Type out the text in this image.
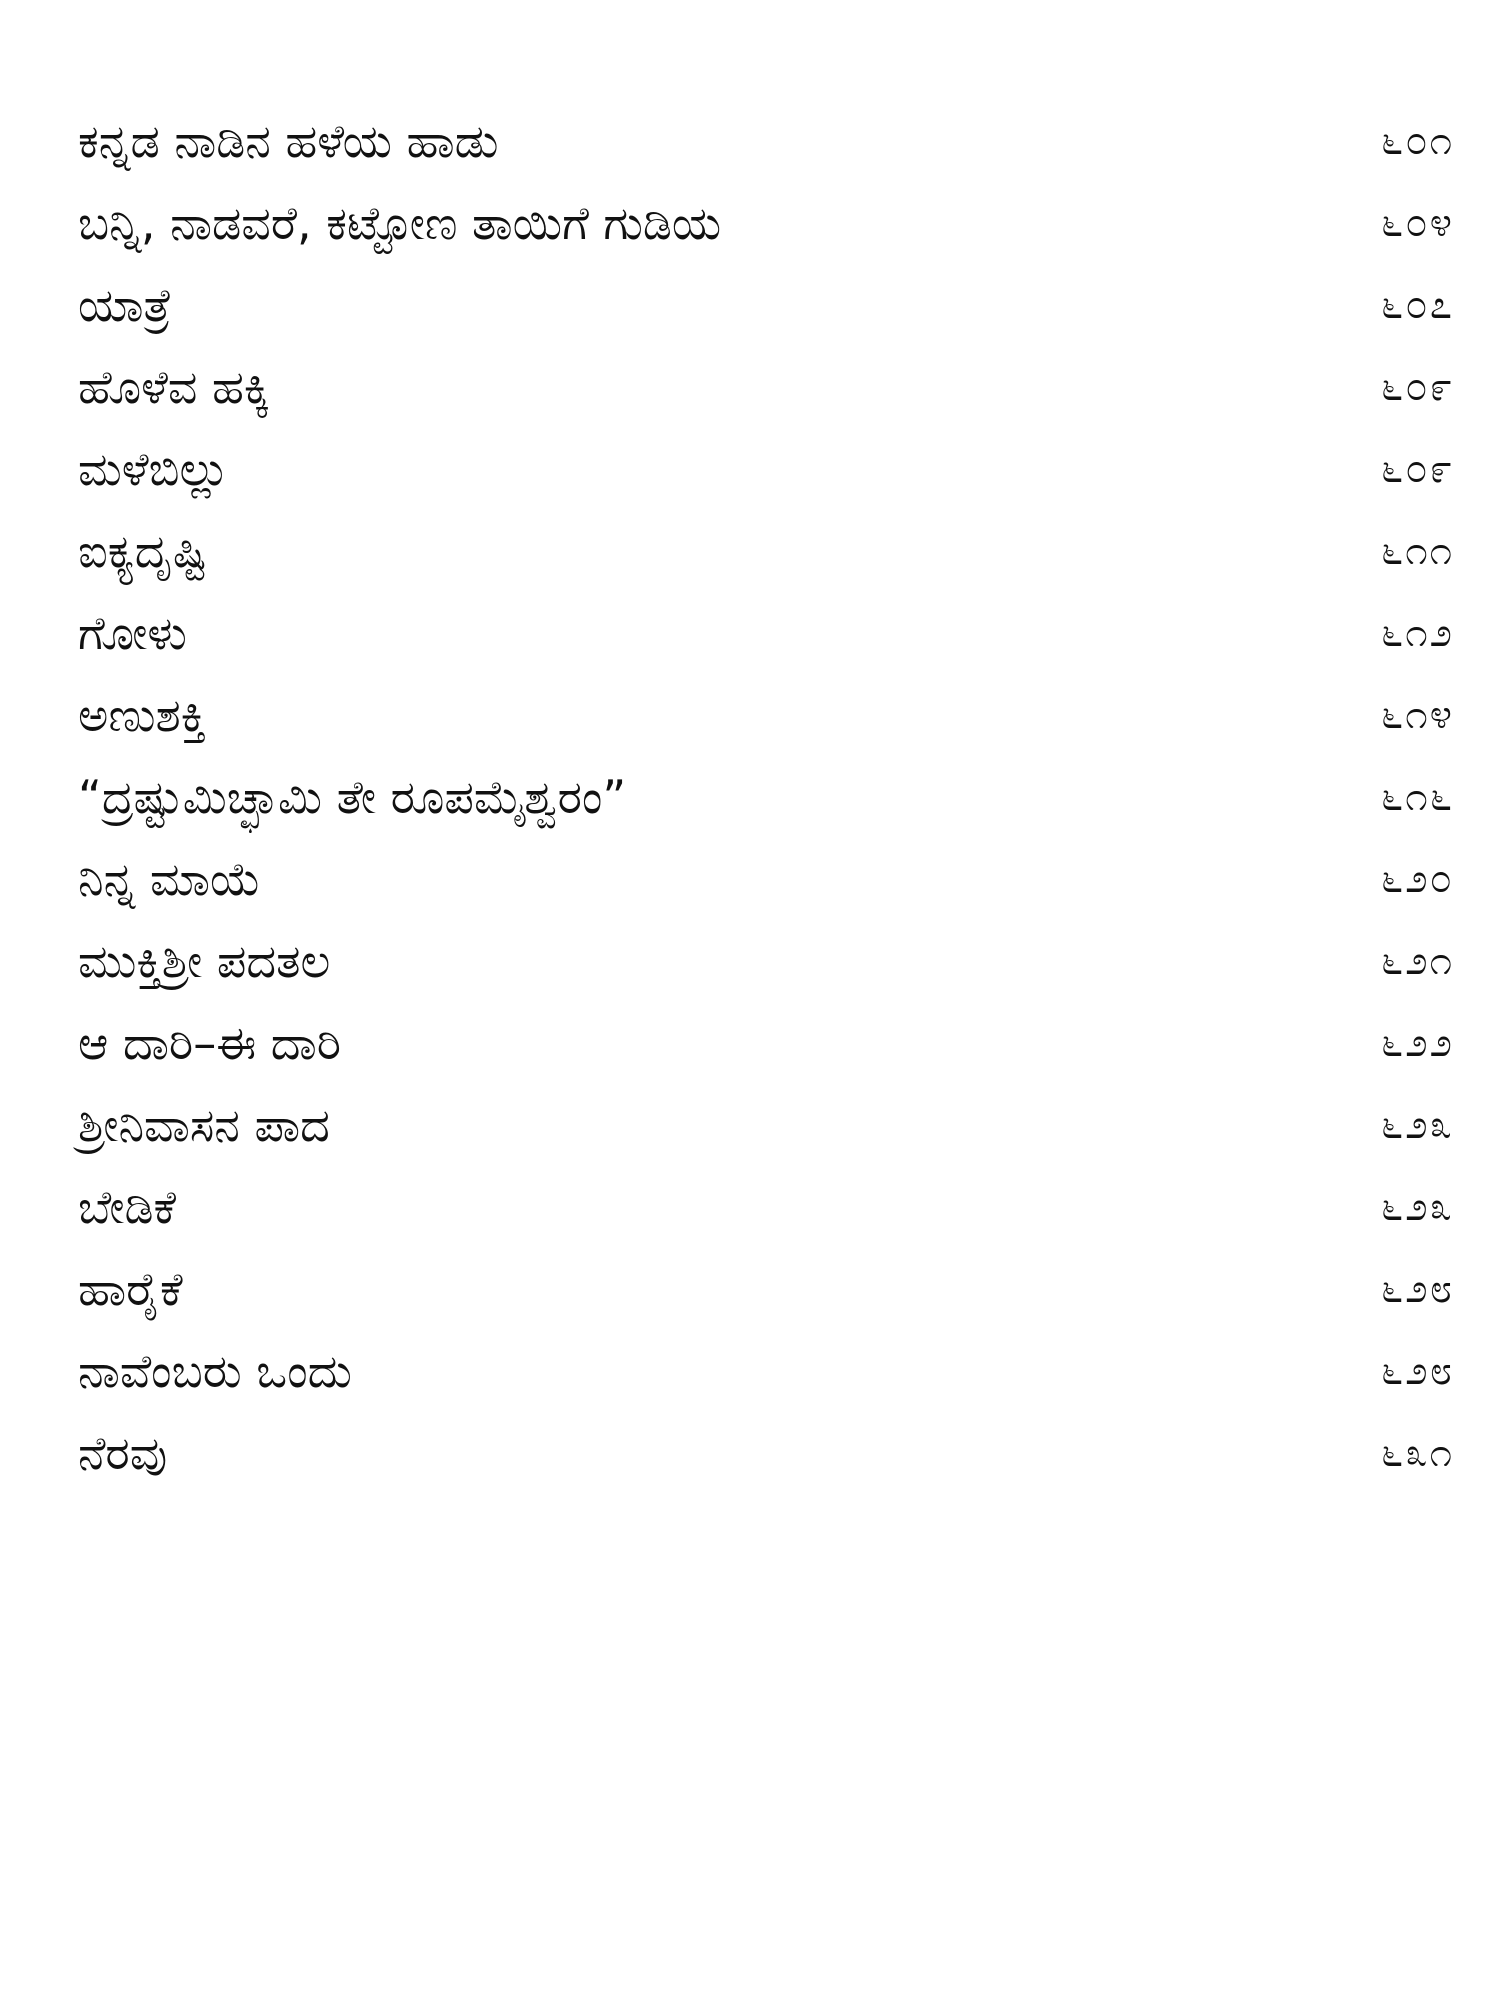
ಕನ್ನಡ ನಾಡಿನ ಹಳೆಯ ಹಾಡು	೬೦೧
ಬನ್ನಿ, ನಾಡವರೆ, ಕಟ್ಟೋಣ ತಾಯಿಗೆ ಗುಡಿಯ	೬೦೪
ಯಾತ್ರೆ	೬೦೭
ಹೊಳೆವ ಹಕ್ಕಿ	೬೦೯
ಮಳೆಬಿಲ್ಲು	೬೦೯
ಐಕ್ಯದೃಷ್ಟಿ	೬೧೧
ಗೋಳು	೬೧೨
ಅಣುಶಕ್ತಿ	೬೧೪
“ದ್ರಷ್ಟುಮಿಚ್ಛಾಮಿ ತೇ ರೂಪಮೈಶ್ವರಂ”	೬೧೬
ನಿನ್ನ ಮಾಯೆ	೬೨೦
ಮುಕ್ತಿಶ್ರೀ ಪದತಲ	೬೨೧
ಆ ದಾರಿ–ಈ ದಾರಿ	೬೨೨
ಶ್ರೀನಿವಾಸನ ಪಾದ	೬೨೩
ಬೇಡಿಕೆ	೬೨೩
ಹಾರೈಕೆ	೬೨೮
ನಾವೆಂಬರು ಒಂದು	೬೨೮
ನೆರವು	೬೩೧
